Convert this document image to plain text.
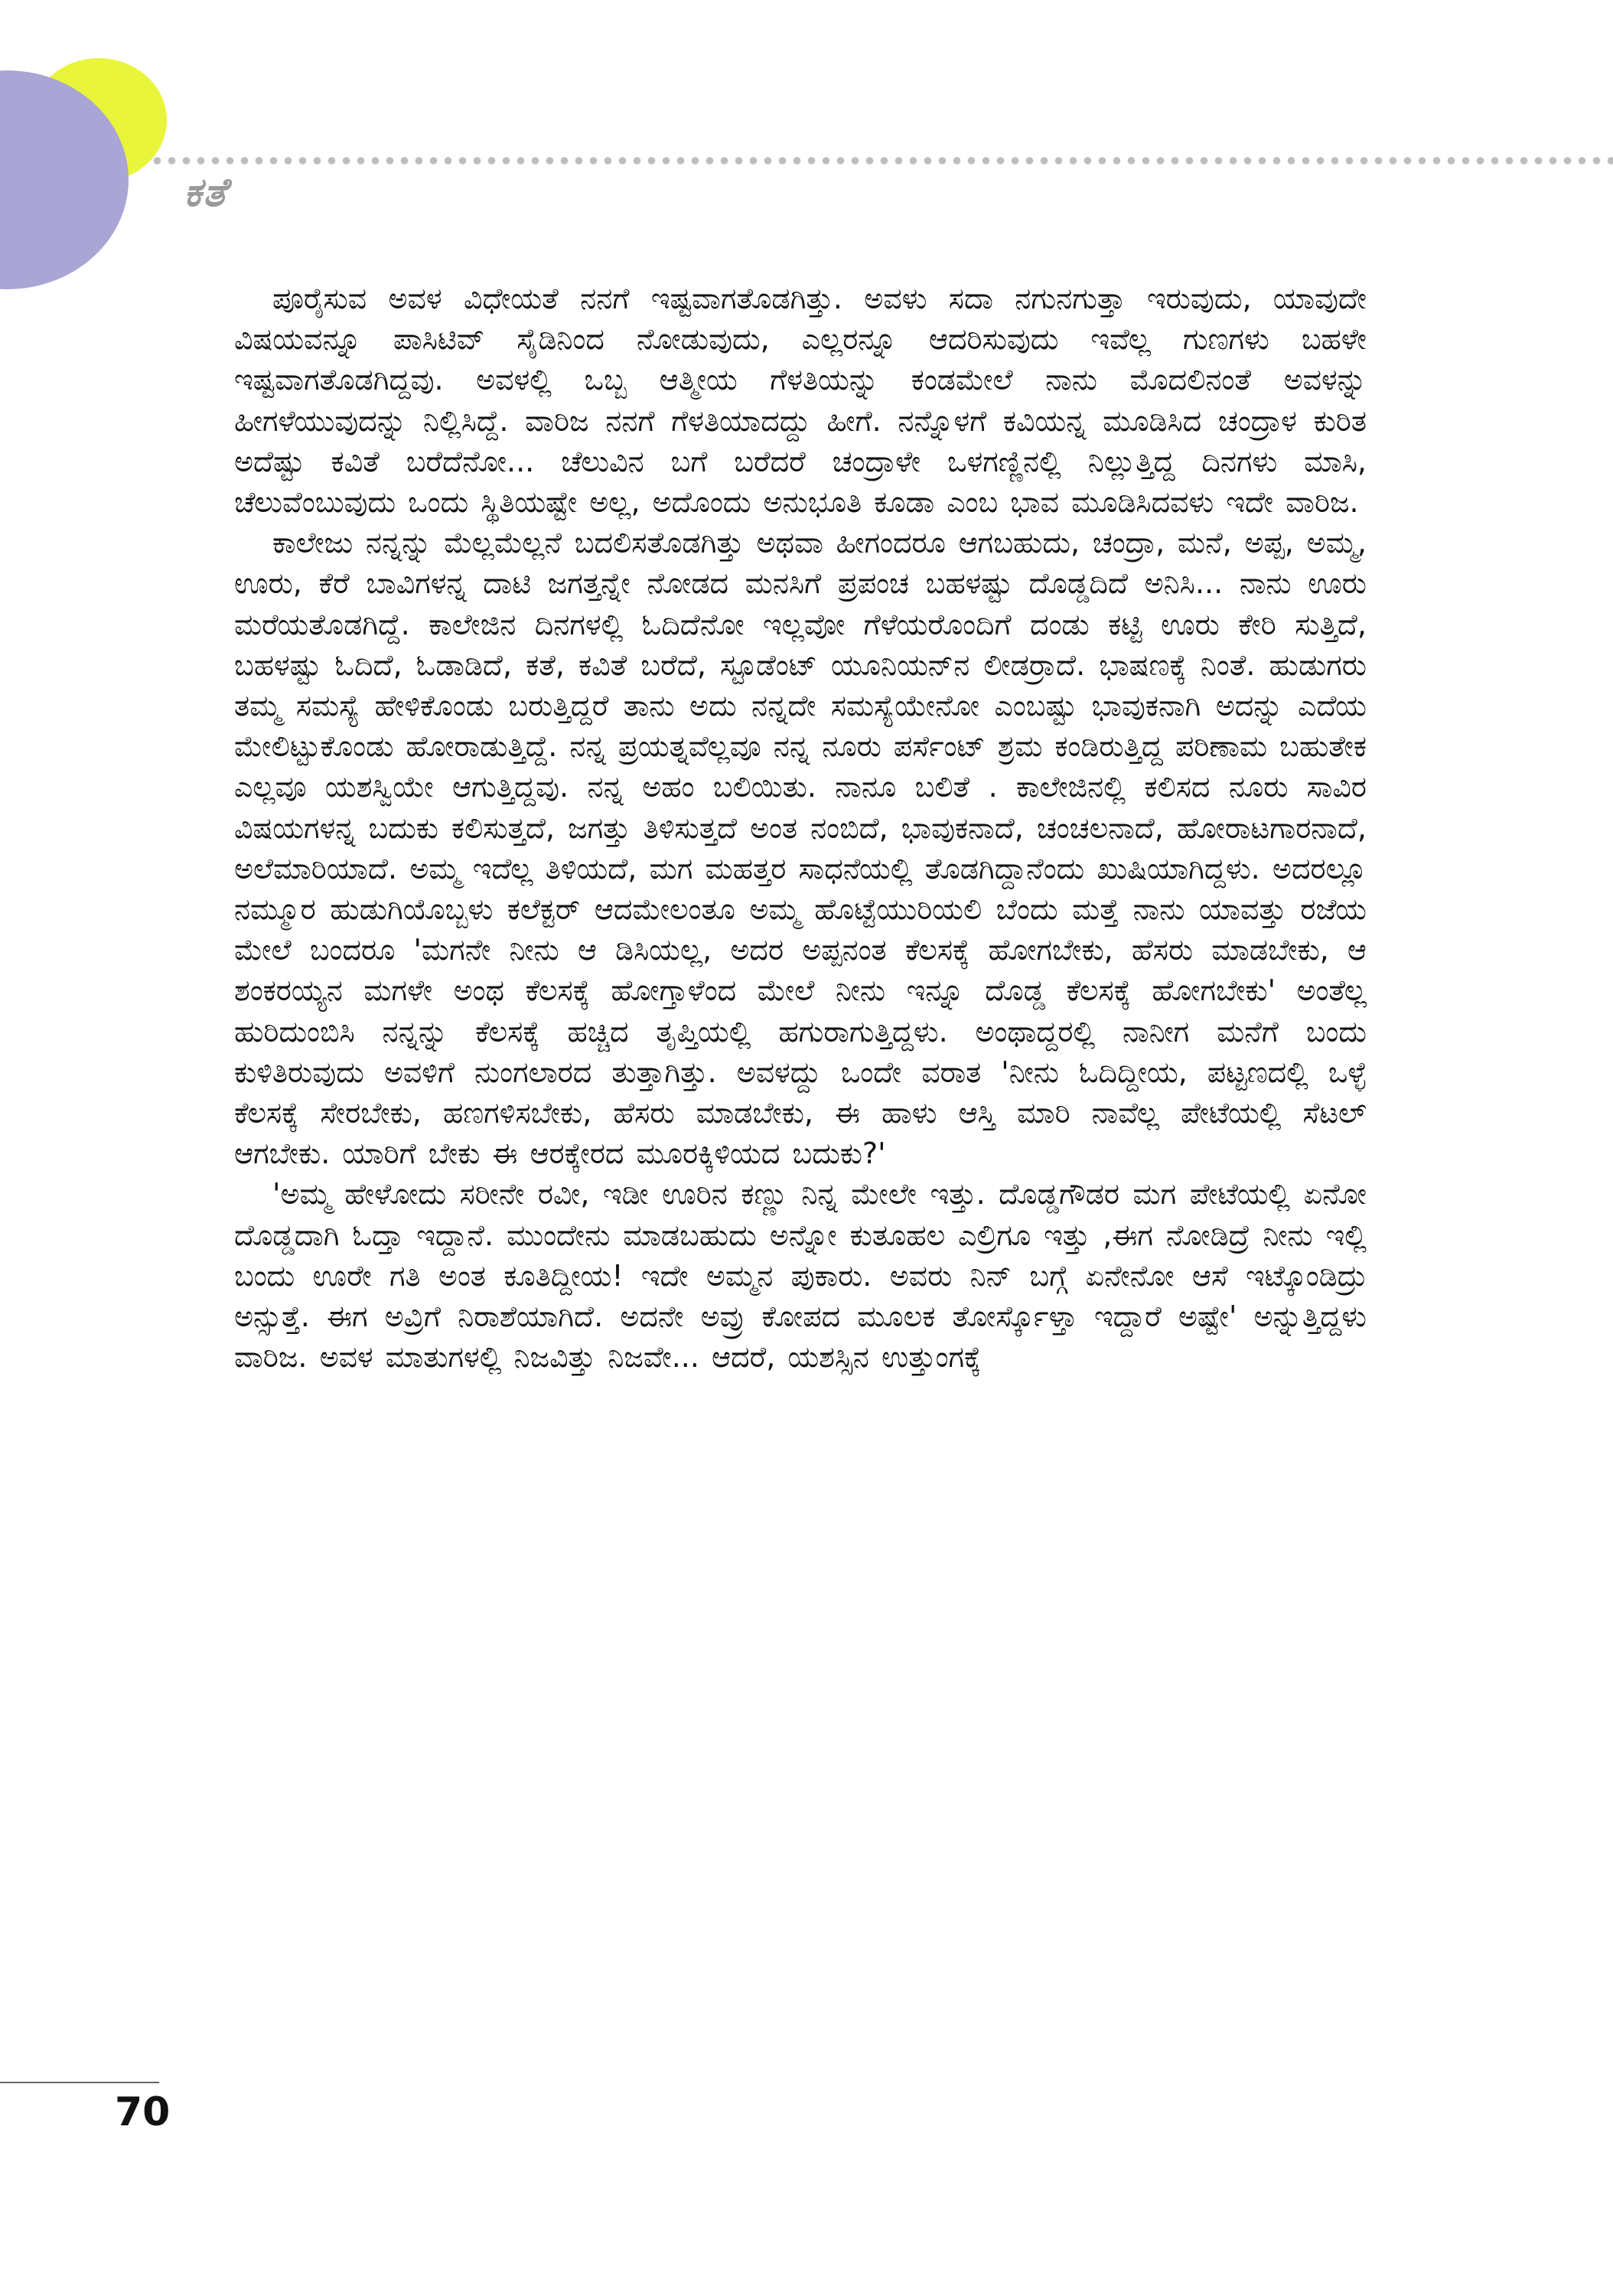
ಕತೆ

ಪೂರೈಸುವ ಅವಳ ವಿಧೇಯತೆ ನನಗೆ ಇಷ್ಟವಾಗತೊಡಗಿತ್ತು. ಅವಳು ಸದಾ ನಗುನಗುತ್ತಾ ಇರುವುದು, ಯಾವುದೇ ವಿಷಯವನ್ನೂ ಪಾಸಿಟಿವ್ ಸೈಡಿನಿಂದ ನೋಡುವುದು, ಎಲ್ಲರನ್ನೂ ಆದರಿಸುವುದು ಇವೆಲ್ಲ ಗುಣಗಳು ಬಹಳೇ ಇಷ್ಟವಾಗತೊಡಗಿದ್ದವು. ಅವಳಲ್ಲಿ ಒಬ್ಬ ಆತ್ಮೀಯ ಗೆಳತಿಯನ್ನು ಕಂಡಮೇಲೆ ನಾನು ಮೊದಲಿನಂತೆ ಅವಳನ್ನು ಹೀಗಳೆಯುವುದನ್ನು ನಿಲ್ಲಿಸಿದ್ದೆ. ವಾರಿಜ ನನಗೆ ಗೆಳತಿಯಾದದ್ದು ಹೀಗೆ. ನನ್ನೊಳಗೆ ಕವಿಯನ್ನ ಮೂಡಿಸಿದ ಚಂದ್ರಾಳ ಕುರಿತ ಅದೆಷ್ಟು ಕವಿತೆ ಬರೆದೆನೋ... ಚೆಲುವಿನ ಬಗೆ ಬರೆದರೆ ಚಂದ್ರಾಳೇ ಒಳಗಣ್ಣಿನಲ್ಲಿ ನಿಲ್ಲುತ್ತಿದ್ದ ದಿನಗಳು ಮಾಸಿ, ಚೆಲುವೆಂಬುವುದು ಒಂದು ಸ್ಥಿತಿಯಷ್ಟೇ ಅಲ್ಲ, ಅದೊಂದು ಅನುಭೂತಿ ಕೂಡಾ ಎಂಬ ಭಾವ ಮೂಡಿಸಿದವಳು ಇದೇ ವಾರಿಜ.

ಕಾಲೇಜು ನನ್ನನ್ನು ಮೆಲ್ಲಮೆಲ್ಲನೆ ಬದಲಿಸತೊಡಗಿತ್ತು ಅಥವಾ ಹೀಗಂದರೂ ಆಗಬಹುದು, ಚಂದ್ರಾ, ಮನೆ, ಅಪ್ಪ, ಅಮ್ಮ, ಊರು, ಕೆರೆ ಬಾವಿಗಳನ್ನ ದಾಟಿ ಜಗತ್ತನ್ನೇ ನೋಡದ ಮನಸಿಗೆ ಪ್ರಪಂಚ ಬಹಳಷ್ಟು ದೊಡ್ಡದಿದೆ ಅನಿಸಿ... ನಾನು ಊರು ಮರೆಯತೊಡಗಿದ್ದೆ. ಕಾಲೇಜಿನ ದಿನಗಳಲ್ಲಿ ಓದಿದೆನೋ ಇಲ್ಲವೋ ಗೆಳೆಯರೊಂದಿಗೆ ದಂಡು ಕಟ್ಟಿ ಊರು ಕೇರಿ ಸುತ್ತಿದೆ, ಬಹಳಷ್ಟು ಓದಿದೆ, ಓಡಾಡಿದೆ, ಕತೆ, ಕವಿತೆ ಬರೆದೆ, ಸ್ಟೂಡೆಂಟ್ ಯೂನಿಯನ್‌ನ ಲೀಡರ್ರಾದೆ. ಭಾಷಣಕ್ಕೆ ನಿಂತೆ. ಹುಡುಗರು ತಮ್ಮ ಸಮಸ್ಯೆ ಹೇಳಿಕೊಂಡು ಬರುತ್ತಿದ್ದರೆ ತಾನು ಅದು ನನ್ನದೇ ಸಮಸ್ಯೆಯೇನೋ ಎಂಬಷ್ಟು ಭಾವುಕನಾಗಿ ಅದನ್ನು ಎದೆಯ ಮೇಲಿಟ್ಟುಕೊಂಡು ಹೋರಾಡುತ್ತಿದ್ದೆ. ನನ್ನ ಪ್ರಯತ್ನವೆಲ್ಲವೂ ನನ್ನ ನೂರು ಪರ್ಸೆಂಟ್ ಶ್ರಮ ಕಂಡಿರುತ್ತಿದ್ದ ಪರಿಣಾಮ ಬಹುತೇಕ ಎಲ್ಲವೂ ಯಶಸ್ವಿಯೇ ಆಗುತ್ತಿದ್ದವು. ನನ್ನ ಅಹಂ ಬಲಿಯಿತು. ನಾನೂ ಬಲಿತೆ . ಕಾಲೇಜಿನಲ್ಲಿ ಕಲಿಸದ ನೂರು ಸಾವಿರ ವಿಷಯಗಳನ್ನ ಬದುಕು ಕಲಿಸುತ್ತದೆ, ಜಗತ್ತು ತಿಳಿಸುತ್ತದೆ ಅಂತ ನಂಬಿದೆ, ಭಾವುಕನಾದೆ, ಚಂಚಲನಾದೆ, ಹೋರಾಟಗಾರನಾದೆ, ಅಲೆಮಾರಿಯಾದೆ. ಅಮ್ಮ ಇದೆಲ್ಲ ತಿಳಿಯದೆ, ಮಗ ಮಹತ್ತರ ಸಾಧನೆಯಲ್ಲಿ ತೊಡಗಿದ್ದಾನೆಂದು ಖುಷಿಯಾಗಿದ್ದಳು. ಅದರಲ್ಲೂ ನಮ್ಮೂರ ಹುಡುಗಿಯೊಬ್ಬಳು ಕಲೆಕ್ಟರ್ ಆದಮೇಲಂತೂ ಅಮ್ಮ ಹೊಟ್ಟೆಯುರಿಯಲಿ ಬೆಂದು ಮತ್ತೆ ನಾನು ಯಾವತ್ತು ರಜೆಯ ಮೇಲೆ ಬಂದರೂ 'ಮಗನೇ ನೀನು ಆ ಡಿಸಿಯಲ್ಲ, ಅದರ ಅಪ್ಪನಂತ ಕೆಲಸಕ್ಕೆ ಹೋಗಬೇಕು, ಹೆಸರು ಮಾಡಬೇಕು, ಆ ಶಂಕರಯ್ಯನ ಮಗಳೇ ಅಂಥ ಕೆಲಸಕ್ಕೆ ಹೋಗ್ತಾಳೆಂದ ಮೇಲೆ ನೀನು ಇನ್ನೂ ದೊಡ್ಡ ಕೆಲಸಕ್ಕೆ ಹೋಗಬೇಕು' ಅಂತೆಲ್ಲ ಹುರಿದುಂಬಿಸಿ ನನ್ನನ್ನು ಕೆಲಸಕ್ಕೆ ಹಚ್ಚಿದ ತೃಪ್ತಿಯಲ್ಲಿ ಹಗುರಾಗುತ್ತಿದ್ದಳು. ಅಂಥಾದ್ದರಲ್ಲಿ ನಾನೀಗ ಮನೆಗೆ ಬಂದು ಕುಳಿತಿರುವುದು ಅವಳಿಗೆ ನುಂಗಲಾರದ ತುತ್ತಾಗಿತ್ತು. ಅವಳದ್ದು ಒಂದೇ ವರಾತ 'ನೀನು ಓದಿದ್ದೀಯ, ಪಟ್ಟಣದಲ್ಲಿ ಒಳ್ಳೆ ಕೆಲಸಕ್ಕೆ ಸೇರಬೇಕು, ಹಣಗಳಿಸಬೇಕು, ಹೆಸರು ಮಾಡಬೇಕು, ಈ ಹಾಳು ಆಸ್ತಿ ಮಾರಿ ನಾವೆಲ್ಲ ಪೇಟೆಯಲ್ಲಿ ಸೆಟಲ್ ಆಗಬೇಕು. ಯಾರಿಗೆ ಬೇಕು ಈ ಆರಕ್ಕೇರದ ಮೂರಕ್ಕಿಳಿಯದ ಬದುಕು?'

'ಅಮ್ಮ ಹೇಳೋದು ಸರೀನೇ ರವೀ, ಇಡೀ ಊರಿನ ಕಣ್ಣು ನಿನ್ನ ಮೇಲೇ ಇತ್ತು. ದೊಡ್ಡಗೌಡರ ಮಗ ಪೇಟೆಯಲ್ಲಿ ಏನೋ ದೊಡ್ಡದಾಗಿ ಓದ್ತಾ ಇದ್ದಾನೆ. ಮುಂದೇನು ಮಾಡಬಹುದು ಅನ್ನೋ ಕುತೂಹಲ ಎಲ್ರಿಗೂ ಇತ್ತು ,ಈಗ ನೋಡಿದ್ರೆ ನೀನು ಇಲ್ಲಿ ಬಂದು ಊರೇ ಗತಿ ಅಂತ ಕೂತಿದ್ದೀಯ! ಇದೇ ಅಮ್ಮನ ಪುಕಾರು. ಅವರು ನಿನ್ ಬಗ್ಗೆ ಏನೇನೋ ಆಸೆ ಇಟ್ಕೊಂಡಿದ್ರು ಅನ್ಸುತ್ತೆ. ಈಗ ಅವ್ರಿಗೆ ನಿರಾಶೆಯಾಗಿದೆ. ಅದನೇ ಅವ್ರು ಕೋಪದ ಮೂಲಕ ತೋರ್ಸ್ಕೊಳ್ತಾ ಇದ್ದಾರೆ ಅಷ್ಟೇ' ಅನ್ನುತ್ತಿದ್ದಳು ವಾರಿಜ. ಅವಳ ಮಾತುಗಳಲ್ಲಿ ನಿಜವಿತ್ತು ನಿಜವೇ... ಆದರೆ, ಯಶಸ್ಸಿನ ಉತ್ತುಂಗಕ್ಕೆ

70
